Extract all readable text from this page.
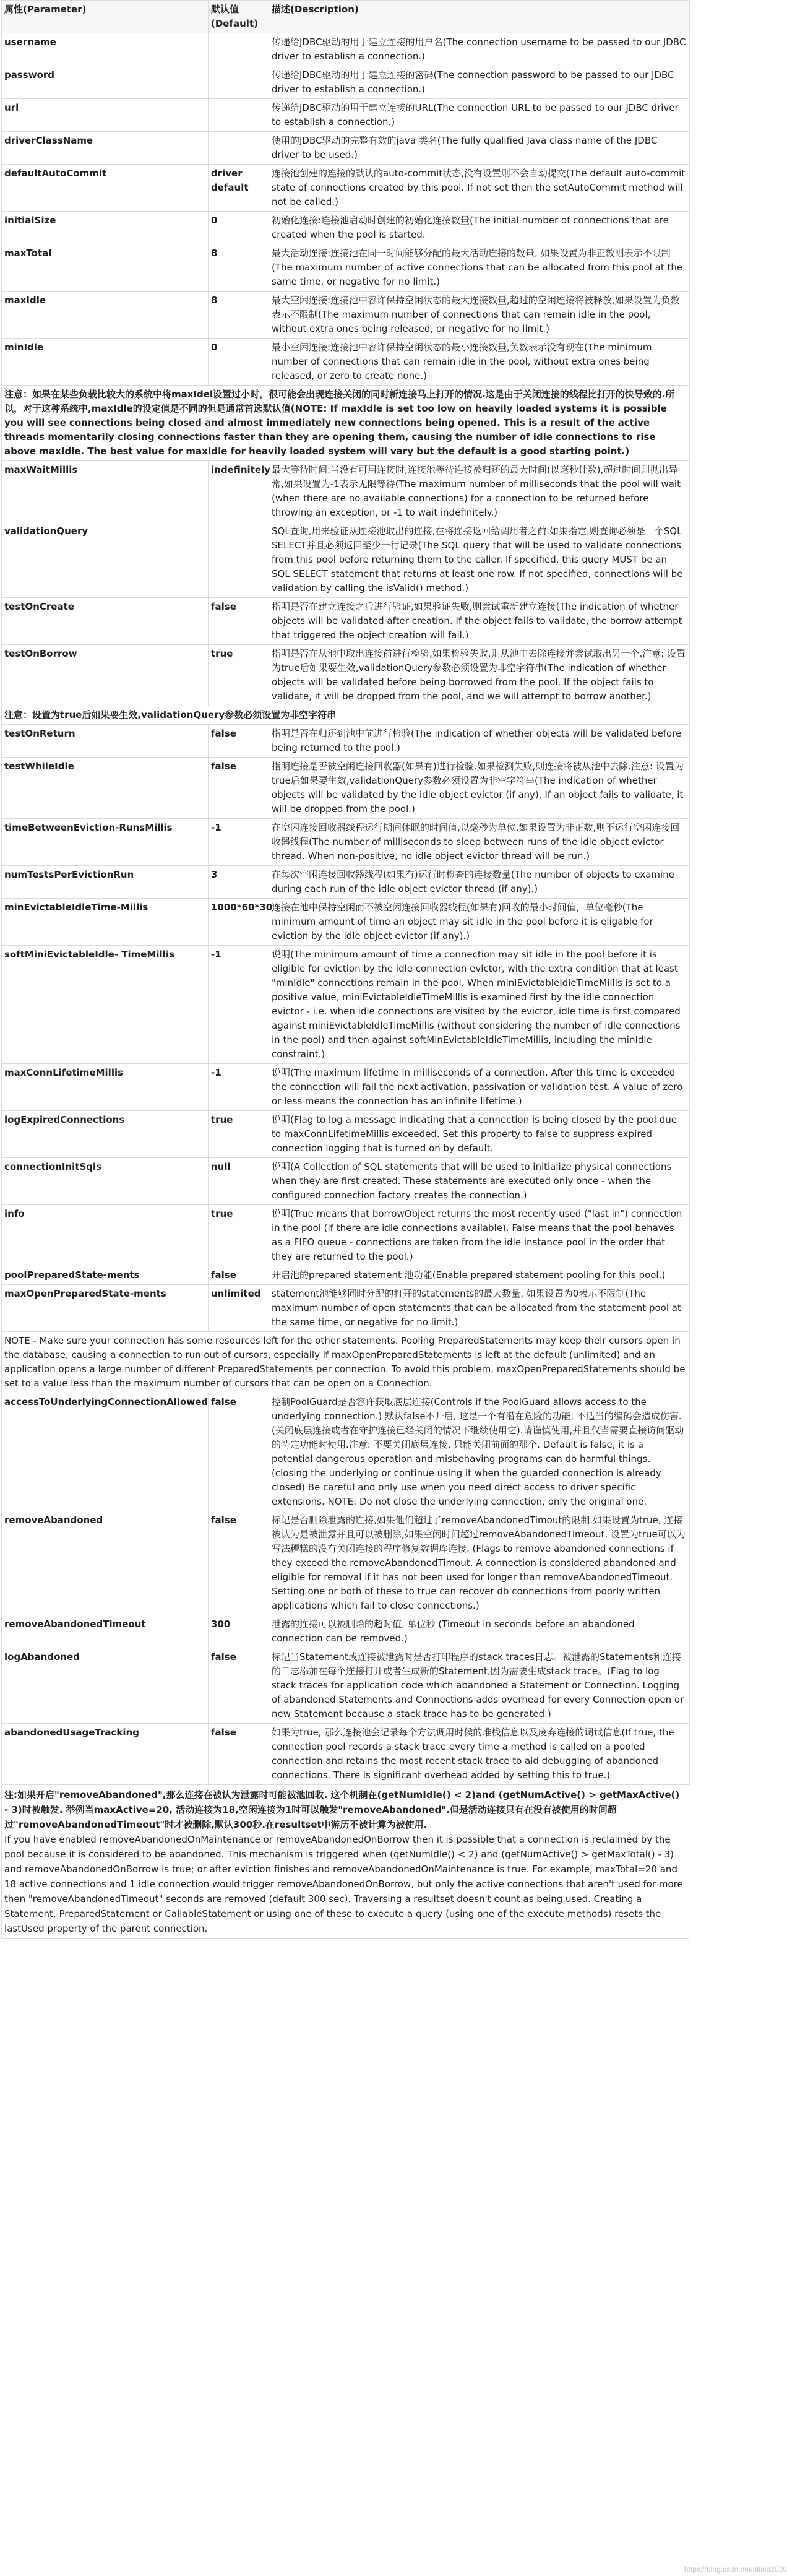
属性(Parameter)	默认值(Default)	描述(Description)
username		传递给JDBC驱动的用于建立连接的用户名(The connection username to be passed to our JDBC driver to establish a connection.)
password		传递给JDBC驱动的用于建立连接的密码(The connection password to be passed to our JDBC driver to establish a connection.)
url		传递给JDBC驱动的用于建立连接的URL(The connection URL to be passed to our JDBC driver to establish a connection.)
driverClassName		使用的JDBC驱动的完整有效的java 类名(The fully qualified Java class name of the JDBC driver to be used.)
defaultAutoCommit	driver default	连接池创建的连接的默认的auto-commit状态,没有设置则不会自动提交(The default auto-commit state of connections created by this pool. If not set then the setAutoCommit method will not be called.)
initialSize	0	初始化连接:连接池启动时创建的初始化连接数量(The initial number of connections that are created when the pool is started.
maxTotal	8	最大活动连接:连接池在同一时间能够分配的最大活动连接的数量, 如果设置为非正数则表示不限制(The maximum number of active connections that can be allocated from this pool at the same time, or negative for no limit.)
maxIdle	8	最大空闲连接:连接池中容许保持空闲状态的最大连接数量,超过的空闲连接将被释放,如果设置为负数表示不限制(The maximum number of connections that can remain idle in the pool, without extra ones being released, or negative for no limit.)
minIdle	0	最小空闲连接:连接池中容许保持空闲状态的最小连接数量,负数表示没有现在(The minimum number of connections that can remain idle in the pool, without extra ones being released, or zero to create none.)
注意：如果在某些负载比较大的系统中将maxIdel设置过小时，很可能会出现连接关闭的同时新连接马上打开的情况.这是由于关闭连接的线程比打开的快导致的.所以，对于这种系统中,maxIdle的设定值是不同的但是通常首选默认值(NOTE: If maxIdle is set too low on heavily loaded systems it is possible you will see connections being closed and almost immediately new connections being opened. This is a result of the active threads momentarily closing connections faster than they are opening them, causing the number of idle connections to rise above maxIdle. The best value for maxIdle for heavily loaded system will vary but the default is a good starting point.)		
maxWaitMillis	indefinitely	最大等待时间:当没有可用连接时,连接池等待连接被归还的最大时间(以毫秒计数),超过时间则抛出异常,如果设置为-1表示无限等待(The maximum number of milliseconds that the pool will wait (when there are no available connections) for a connection to be returned before throwing an exception, or -1 to wait indefinitely.)
validationQuery		SQL查询,用来验证从连接池取出的连接,在将连接返回给调用者之前.如果指定,则查询必须是一个SQL SELECT并且必须返回至少一行记录(The SQL query that will be used to validate connections from this pool before returning them to the caller. If specified, this query MUST be an SQL SELECT statement that returns at least one row. If not specified, connections will be validation by calling the isValid() method.)
testOnCreate	false	指明是否在建立连接之后进行验证,如果验证失败,则尝试重新建立连接(The indication of whether objects will be validated after creation. If the object fails to validate, the borrow attempt that triggered the object creation will fail.)
testOnBorrow	true	指明是否在从池中取出连接前进行检验,如果检验失败,则从池中去除连接并尝试取出另一个.注意: 设置为true后如果要生效,validationQuery参数必须设置为非空字符串(The indication of whether objects will be validated before being borrowed from the pool. If the object fails to validate, it will be dropped from the pool, and we will attempt to borrow another.)
注意：设置为true后如果要生效,validationQuery参数必须设置为非空字符串		
testOnReturn	false	指明是否在归还到池中前进行检验(The indication of whether objects will be validated before being returned to the pool.)
testWhileIdle	false	指明连接是否被空闲连接回收器(如果有)进行检验.如果检测失败,则连接将被从池中去除.注意: 设置为true后如果要生效,validationQuery参数必须设置为非空字符串(The indication of whether objects will be validated by the idle object evictor (if any). If an object fails to validate, it will be dropped from the pool.)
timeBetweenEviction-RunsMillis	-1	在空闲连接回收器线程运行期间休眠的时间值,以毫秒为单位.如果设置为非正数,则不运行空闲连接回收器线程(The number of milliseconds to sleep between runs of the idle object evictor thread. When non-positive, no idle object evictor thread will be run.)
numTestsPerEvictionRun	3	在每次空闲连接回收器线程(如果有)运行时检查的连接数量(The number of objects to examine during each run of the idle object evictor thread (if any).)
minEvictableIdleTime-Millis	1000*60*30	连接在池中保持空闲而不被空闲连接回收器线程(如果有)回收的最小时间值，单位毫秒(The minimum amount of time an object may sit idle in the pool before it is eligable for eviction by the idle object evictor (if any).)
softMiniEvictableIdle- TimeMillis	-1	说明(The minimum amount of time a connection may sit idle in the pool before it is eligible for eviction by the idle connection evictor, with the extra condition that at least "minIdle" connections remain in the pool. When miniEvictableIdleTimeMillis is set to a positive value, miniEvictableIdleTimeMillis is examined first by the idle connection evictor - i.e. when idle connections are visited by the evictor, idle time is first compared against miniEvictableIdleTimeMillis (without considering the number of idle connections in the pool) and then against softMinEvictableIdleTimeMillis, including the minIdle constraint.)
maxConnLifetimeMillis	-1	说明(The maximum lifetime in milliseconds of a connection. After this time is exceeded the connection will fail the next activation, passivation or validation test. A value of zero or less means the connection has an infinite lifetime.)
logExpiredConnections	true	说明(Flag to log a message indicating that a connection is being closed by the pool due to maxConnLifetimeMillis exceeded. Set this property to false to suppress expired connection logging that is turned on by default.
connectionInitSqls	null	说明(A Collection of SQL statements that will be used to initialize physical connections when they are first created. These statements are executed only once - when the configured connection factory creates the connection.)
info	true	说明(True means that borrowObject returns the most recently used ("last in") connection in the pool (if there are idle connections available). False means that the pool behaves as a FIFO queue - connections are taken from the idle instance pool in the order that they are returned to the pool.)
poolPreparedState-ments	false	开启池的prepared statement 池功能(Enable prepared statement pooling for this pool.)
maxOpenPreparedState-ments	unlimited	statement池能够同时分配的打开的statements的最大数量, 如果设置为0表示不限制(The maximum number of open statements that can be allocated from the statement pool at the same time, or negative for no limit.)
NOTE - Make sure your connection has some resources left for the other statements. Pooling PreparedStatements may keep their cursors open in the database, causing a connection to run out of cursors, especially if maxOpenPreparedStatements is left at the default (unlimited) and an application opens a large number of different PreparedStatements per connection. To avoid this problem, maxOpenPreparedStatements should be set to a value less than the maximum number of cursors that can be open on a Connection.		
accessToUnderlyingConnectionAllowed	false	控制PoolGuard是否容许获取底层连接(Controls if the PoolGuard allows access to the underlying connection.) 默认false不开启, 这是一个有潜在危险的功能, 不适当的编码会造成伤害.(关闭底层连接或者在守护连接已经关闭的情况下继续使用它).请谨慎使用,并且仅当需要直接访问驱动的特定功能时使用.注意: 不要关闭底层连接, 只能关闭前面的那个. Default is false, it is a potential dangerous operation and misbehaving programs can do harmful things. (closing the underlying or continue using it when the guarded connection is already closed) Be careful and only use when you need direct access to driver specific extensions. NOTE: Do not close the underlying connection, only the original one.
removeAbandoned	false	标记是否删除泄露的连接,如果他们超过了removeAbandonedTimout的限制.如果设置为true, 连接被认为是被泄露并且可以被删除,如果空闲时间超过removeAbandonedTimeout. 设置为true可以为写法糟糕的没有关闭连接的程序修复数据库连接. (Flags to remove abandoned connections if they exceed the removeAbandonedTimout. A connection is considered abandoned and eligible for removal if it has not been used for longer than removeAbandonedTimeout. Setting one or both of these to true can recover db connections from poorly written applications which fail to close connections.)
removeAbandonedTimeout	300	泄露的连接可以被删除的超时值, 单位秒 (Timeout in seconds before an abandoned connection can be removed.)
logAbandoned	false	标记当Statement或连接被泄露时是否打印程序的stack traces日志。被泄露的Statements和连接的日志添加在每个连接打开或者生成新的Statement,因为需要生成stack trace。(Flag to log stack traces for application code which abandoned a Statement or Connection. Logging of abandoned Statements and Connections adds overhead for every Connection open or new Statement because a stack trace has to be generated.)
abandonedUsageTracking	false	如果为true, 那么连接池会记录每个方法调用时候的堆栈信息以及废弃连接的调试信息(If true, the connection pool records a stack trace every time a method is called on a pooled connection and retains the most recent stack trace to aid debugging of abandoned connections. There is significant overhead added by setting this to true.)
注:如果开启"removeAbandoned",那么连接在被认为泄露时可能被池回收. 这个机制在(getNumIdle() < 2)and (getNumActive() > getMaxActive() - 3)时被触发. 举例当maxActive=20, 活动连接为18,空闲连接为1时可以触发"removeAbandoned".但是活动连接只有在没有被使用的时间超过"removeAbandonedTimeout"时才被删除,默认300秒.在resultset中游历不被计算为被使用.
If you have enabled removeAbandonedOnMaintenance or removeAbandonedOnBorrow then it is possible that a connection is reclaimed by the pool because it is considered to be abandoned. This mechanism is triggered when (getNumIdle() < 2) and (getNumActive() > getMaxTotal() - 3) and removeAbandonedOnBorrow is true; or after eviction finishes and removeAbandonedOnMaintenance is true. For example, maxTotal=20 and 18 active connections and 1 idle connection would trigger removeAbandonedOnBorrow, but only the active connections that aren't used for more then "removeAbandonedTimeout" seconds are removed (default 300 sec). Traversing a resultset doesn't count as being used. Creating a Statement, PreparedStatement or CallableStatement or using one of these to execute a query (using one of the execute methods) resets the lastUsed property of the parent connection.
https://blog.csdn.net/difnid2020
